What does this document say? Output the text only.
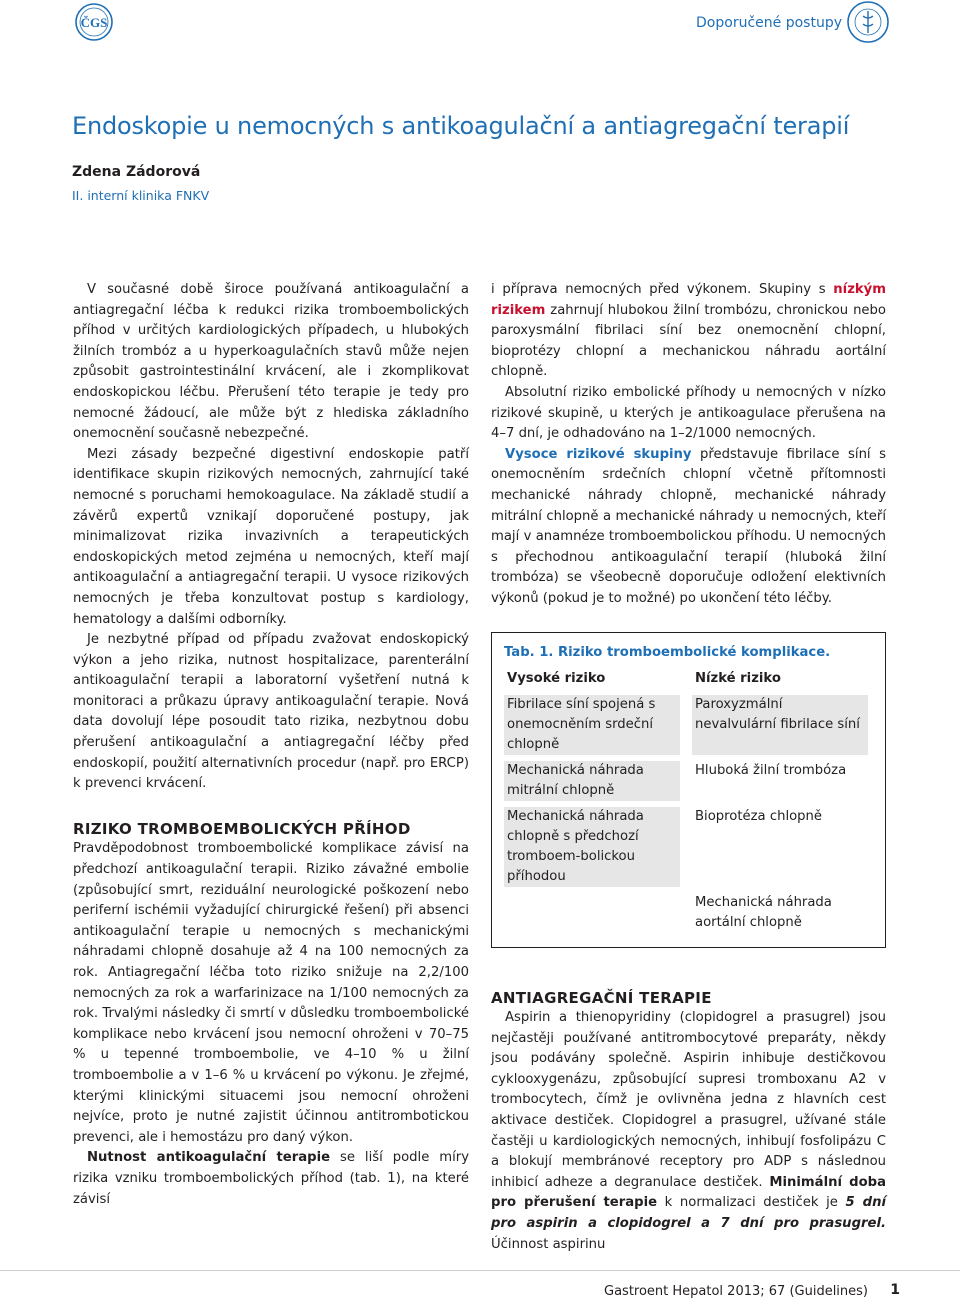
ČGS	Doporučené postupy
Endoskopie u nemocných s antikoagulační a antiagregační terapií
Zdena Zádorová
II. interní klinika FNKV

V současné době široce používaná antikoagulační a antiagregační léčba k redukci rizika tromboembolických příhod v určitých kardiologických případech, u hlubokých žilních trombóz a u hyperkoagulačních stavů může nejen způsobit gastrointestinální krvácení, ale i zkomplikovat endoskopickou léčbu. Přerušení této terapie je tedy pro nemocné žádoucí, ale může být z hlediska základního onemocnění současně nebezpečné.

Mezi zásady bezpečné digestivní endoskopie patří identifikace skupin rizikových nemocných, zahrnující také nemocné s poruchami hemokoagulace. Na základě studií a závěrů expertů vznikají doporučené postupy, jak minimalizovat rizika invazivních a terapeutických endoskopických metod zejména u nemocných, kteří mají antikoagulační a antiagregační terapii. U vysoce rizikových nemocných je třeba konzultovat postup s kardiology, hematology a dalšími odborníky.

Je nezbytné případ od případu zvažovat endoskopický výkon a jeho rizika, nutnost hospitalizace, parenterální antikoagulační terapii a laboratorní vyšetření nutná k monitoraci a průkazu úpravy antikoagulační terapie. Nová data dovolují lépe posoudit tato rizika, nezbytnou dobu přerušení antikoagulační a antiagregační léčby před endoskopií, použití alternativních procedur (např. pro ERCP) k prevenci krvácení.

RIZIKO TROMBOEMBOLICKÝCH PŘÍHOD

Pravděpodobnost tromboembolické komplikace závisí na předchozí antikoagulační terapii. Riziko závažné embolie (způsobující smrt, reziduální neurologické poškození nebo periferní ischémii vyžadující chirurgické řešení) při absenci antikoagulační terapie u nemocných s mechanickými náhradami chlopně dosahuje až 4 na 100 nemocných za rok. Antiagregační léčba toto riziko snižuje na 2,2/100 nemocných za rok a warfarinizace na 1/100 nemocných za rok. Trvalými následky či smrtí v důsledku tromboembolické komplikace nebo krvácení jsou nemocní ohroženi v 70–75 % u tepenné tromboembolie, ve 4–10 % u žilní tromboembolie a v 1–6 % u krvácení po výkonu. Je zřejmé, kterými klinickými situacemi jsou nemocní ohroženi nejvíce, proto je nutné zajistit účinnou antitrombotickou prevenci, ale i hemostázu pro daný výkon.

Nutnost antikoagulační terapie se liší podle míry rizika vzniku tromboembolických příhod (tab. 1), na které závisí

i příprava nemocných před výkonem. Skupiny s nízkým rizikem zahrnují hlubokou žilní trombózu, chronickou nebo paroxysmální fibrilaci síní bez onemocnění chlopní, bioprotézy chlopní a mechanickou náhradu aortální chlopně.

Absolutní riziko embolické příhody u nemocných v nízko rizikové skupině, u kterých je antikoagulace přerušena na 4–7 dní, je odhadováno na 1–2/1000 nemocných.

Vysoce rizikové skupiny představuje fibrilace síní s onemocněním srdečních chlopní včetně přítomnosti mechanické náhrady chlopně, mechanické náhrady mitrální chlopně a mechanické náhrady u nemocných, kteří mají v anamnéze tromboembolickou příhodu. U nemocných s přechodnou antikoagulační terapií (hluboká žilní trombóza) se všeobecně doporučuje odložení elektivních výkonů (pokud je to možné) po ukončení této léčby.

Tab. 1. Riziko tromboembolické komplikace.
Vysoké riziko	Nízké riziko
Fibrilace síní spojená s onemocněním srdeční chlopně
Paroxyzmální nevalvulární fibrilace síní
Mechanická náhrada mitrální chlopně
Hluboká žilní trombóza
Mechanická náhrada chlopně s předchozí tromboem-bolickou příhodou
Bioprotéza chlopně
Mechanická náhrada aortální chlopně
ANTIAGREGAČNÍ TERAPIE

Aspirin a thienopyridiny (clopidogrel a prasugrel) jsou nejčastěji používané antitrombocytové preparáty, někdy jsou podávány společně. Aspirin inhibuje destičkovou cyklooxygenázu, způsobující supresi tromboxanu A2 v trombocytech, čímž je ovlivněna jedna z hlavních cest aktivace destiček. Clopidogrel a prasugrel, užívané stále častěji u kardiologických nemocných, inhibují fosfolipázu C a blokují membránové receptory pro ADP s následnou inhibicí adheze a degranulace destiček. Minimální doba pro přerušení terapie k normalizaci destiček je 5 dní pro aspirin a clopidogrel a 7 dní pro prasugrel. Účinnost aspirinu

Gastroent Hepatol 2013; 67 (Guidelines) 1
